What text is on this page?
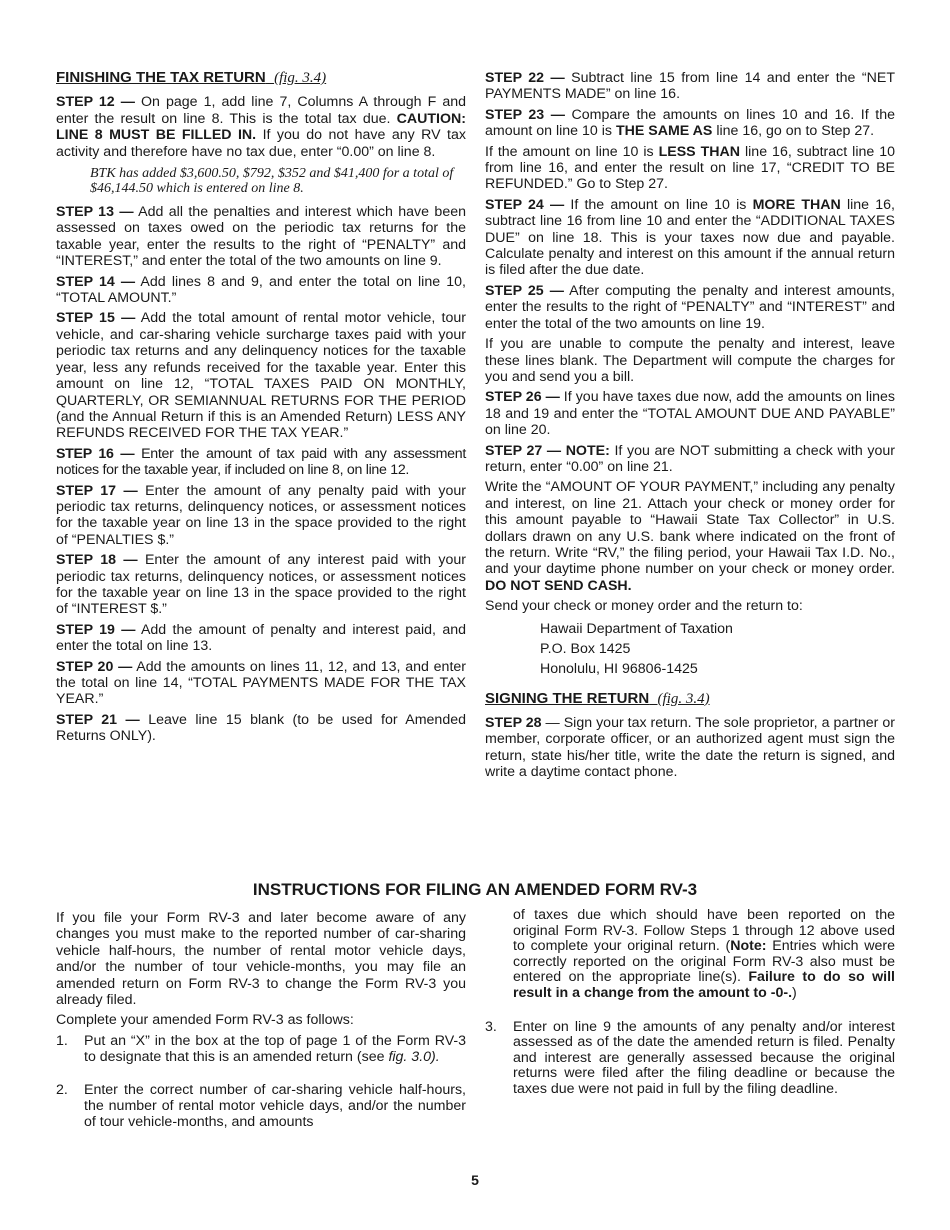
FINISHING THE TAX RETURN (fig. 3.4)

STEP 12 — On page 1, add line 7, Columns A through F and enter the result on line 8. This is the total tax due. CAUTION: LINE 8 MUST BE FILLED IN. If you do not have any RV tax activity and therefore have no tax due, enter “0.00” on line 8.

BTK has added $3,600.50, $792, $352 and $41,400 for a total of $46,144.50 which is entered on line 8.

STEP 13 — Add all the penalties and interest which have been assessed on taxes owed on the periodic tax returns for the taxable year, enter the results to the right of “PENALTY” and “INTEREST,” and enter the total of the two amounts on line 9.

STEP 14 — Add lines 8 and 9, and enter the total on line 10, “TOTAL AMOUNT.”

STEP 15 — Add the total amount of rental motor vehicle, tour vehicle, and car-sharing vehicle surcharge taxes paid with your periodic tax returns and any delinquency notices for the taxable year, less any refunds received for the taxable year. Enter this amount on line 12, “TOTAL TAXES PAID ON MONTHLY, QUARTERLY, OR SEMIANNUAL RETURNS FOR THE PERIOD (and the Annual Return if this is an Amended Return) LESS ANY REFUNDS RECEIVED FOR THE TAX YEAR.”

STEP 16 — Enter the amount of tax paid with any assessment notices for the taxable year, if included on line 8, on line 12.

STEP 17 — Enter the amount of any penalty paid with your periodic tax returns, delinquency notices, or assessment notices for the taxable year on line 13 in the space provided to the right of “PENALTIES $.”

STEP 18 — Enter the amount of any interest paid with your periodic tax returns, delinquency notices, or assessment notices for the taxable year on line 13 in the space provided to the right of “INTEREST $.”

STEP 19 — Add the amount of penalty and interest paid, and enter the total on line 13.

STEP 20 — Add the amounts on lines 11, 12, and 13, and enter the total on line 14, “TOTAL PAYMENTS MADE FOR THE TAX YEAR.”

STEP 21 — Leave line 15 blank (to be used for Amended Returns ONLY).

STEP 22 — Subtract line 15 from line 14 and enter the “NET PAYMENTS MADE” on line 16.

STEP 23 — Compare the amounts on lines 10 and 16. If the amount on line 10 is THE SAME AS line 16, go on to Step 27.

If the amount on line 10 is LESS THAN line 16, subtract line 10 from line 16, and enter the result on line 17, “CREDIT TO BE REFUNDED.” Go to Step 27.

STEP 24 — If the amount on line 10 is MORE THAN line 16, subtract line 16 from line 10 and enter the “ADDITIONAL TAXES DUE” on line 18. This is your taxes now due and payable. Calculate penalty and interest on this amount if the annual return is filed after the due date.

STEP 25 — After computing the penalty and interest amounts, enter the results to the right of “PENALTY” and “INTEREST” and enter the total of the two amounts on line 19.

If you are unable to compute the penalty and interest, leave these lines blank. The Department will compute the charges for you and send you a bill.

STEP 26 — If you have taxes due now, add the amounts on lines 18 and 19 and enter the “TOTAL AMOUNT DUE AND PAYABLE” on line 20.

STEP 27 — NOTE: If you are NOT submitting a check with your return, enter “0.00” on line 21.

Write the “AMOUNT OF YOUR PAYMENT,” including any penalty and interest, on line 21. Attach your check or money order for this amount payable to “Hawaii State Tax Collector” in U.S. dollars drawn on any U.S. bank where indicated on the front of the return. Write “RV,” the filing period, your Hawaii Tax I.D. No., and your daytime phone number on your check or money order. DO NOT SEND CASH.

Send your check or money order and the return to:

Hawaii Department of Taxation
P.O. Box 1425
Honolulu, HI 96806-1425
SIGNING THE RETURN (fig. 3.4)

STEP 28 — Sign your tax return. The sole proprietor, a partner or member, corporate officer, or an authorized agent must sign the return, state his/her title, write the date the return is signed, and write a daytime contact phone.

INSTRUCTIONS FOR FILING AN AMENDED FORM RV-3

If you file your Form RV-3 and later become aware of any changes you must make to the reported number of car-sharing vehicle half-hours, the number of rental motor vehicle days, and/or the number of tour vehicle-months, you may file an amended return on Form RV-3 to change the Form RV-3 you already filed.

Complete your amended Form RV-3 as follows:

1. Put an “X” in the box at the top of page 1 of the Form RV-3 to designate that this is an amended return (see fig. 3.0).
2. Enter the correct number of car-sharing vehicle half-hours, the number of rental motor vehicle days, and/or the number of tour vehicle-months, and amounts
of taxes due which should have been reported on the original Form RV-3. Follow Steps 1 through 12 above used to complete your original return. (Note: Entries which were correctly reported on the original Form RV-3 also must be entered on the appropriate line(s). Failure to do so will result in a change from the amount to -0-.)
3. Enter on line 9 the amounts of any penalty and/or interest assessed as of the date the amended return is filed. Penalty and interest are generally assessed because the original returns were filed after the filing deadline or because the taxes due were not paid in full by the filing deadline.
5
